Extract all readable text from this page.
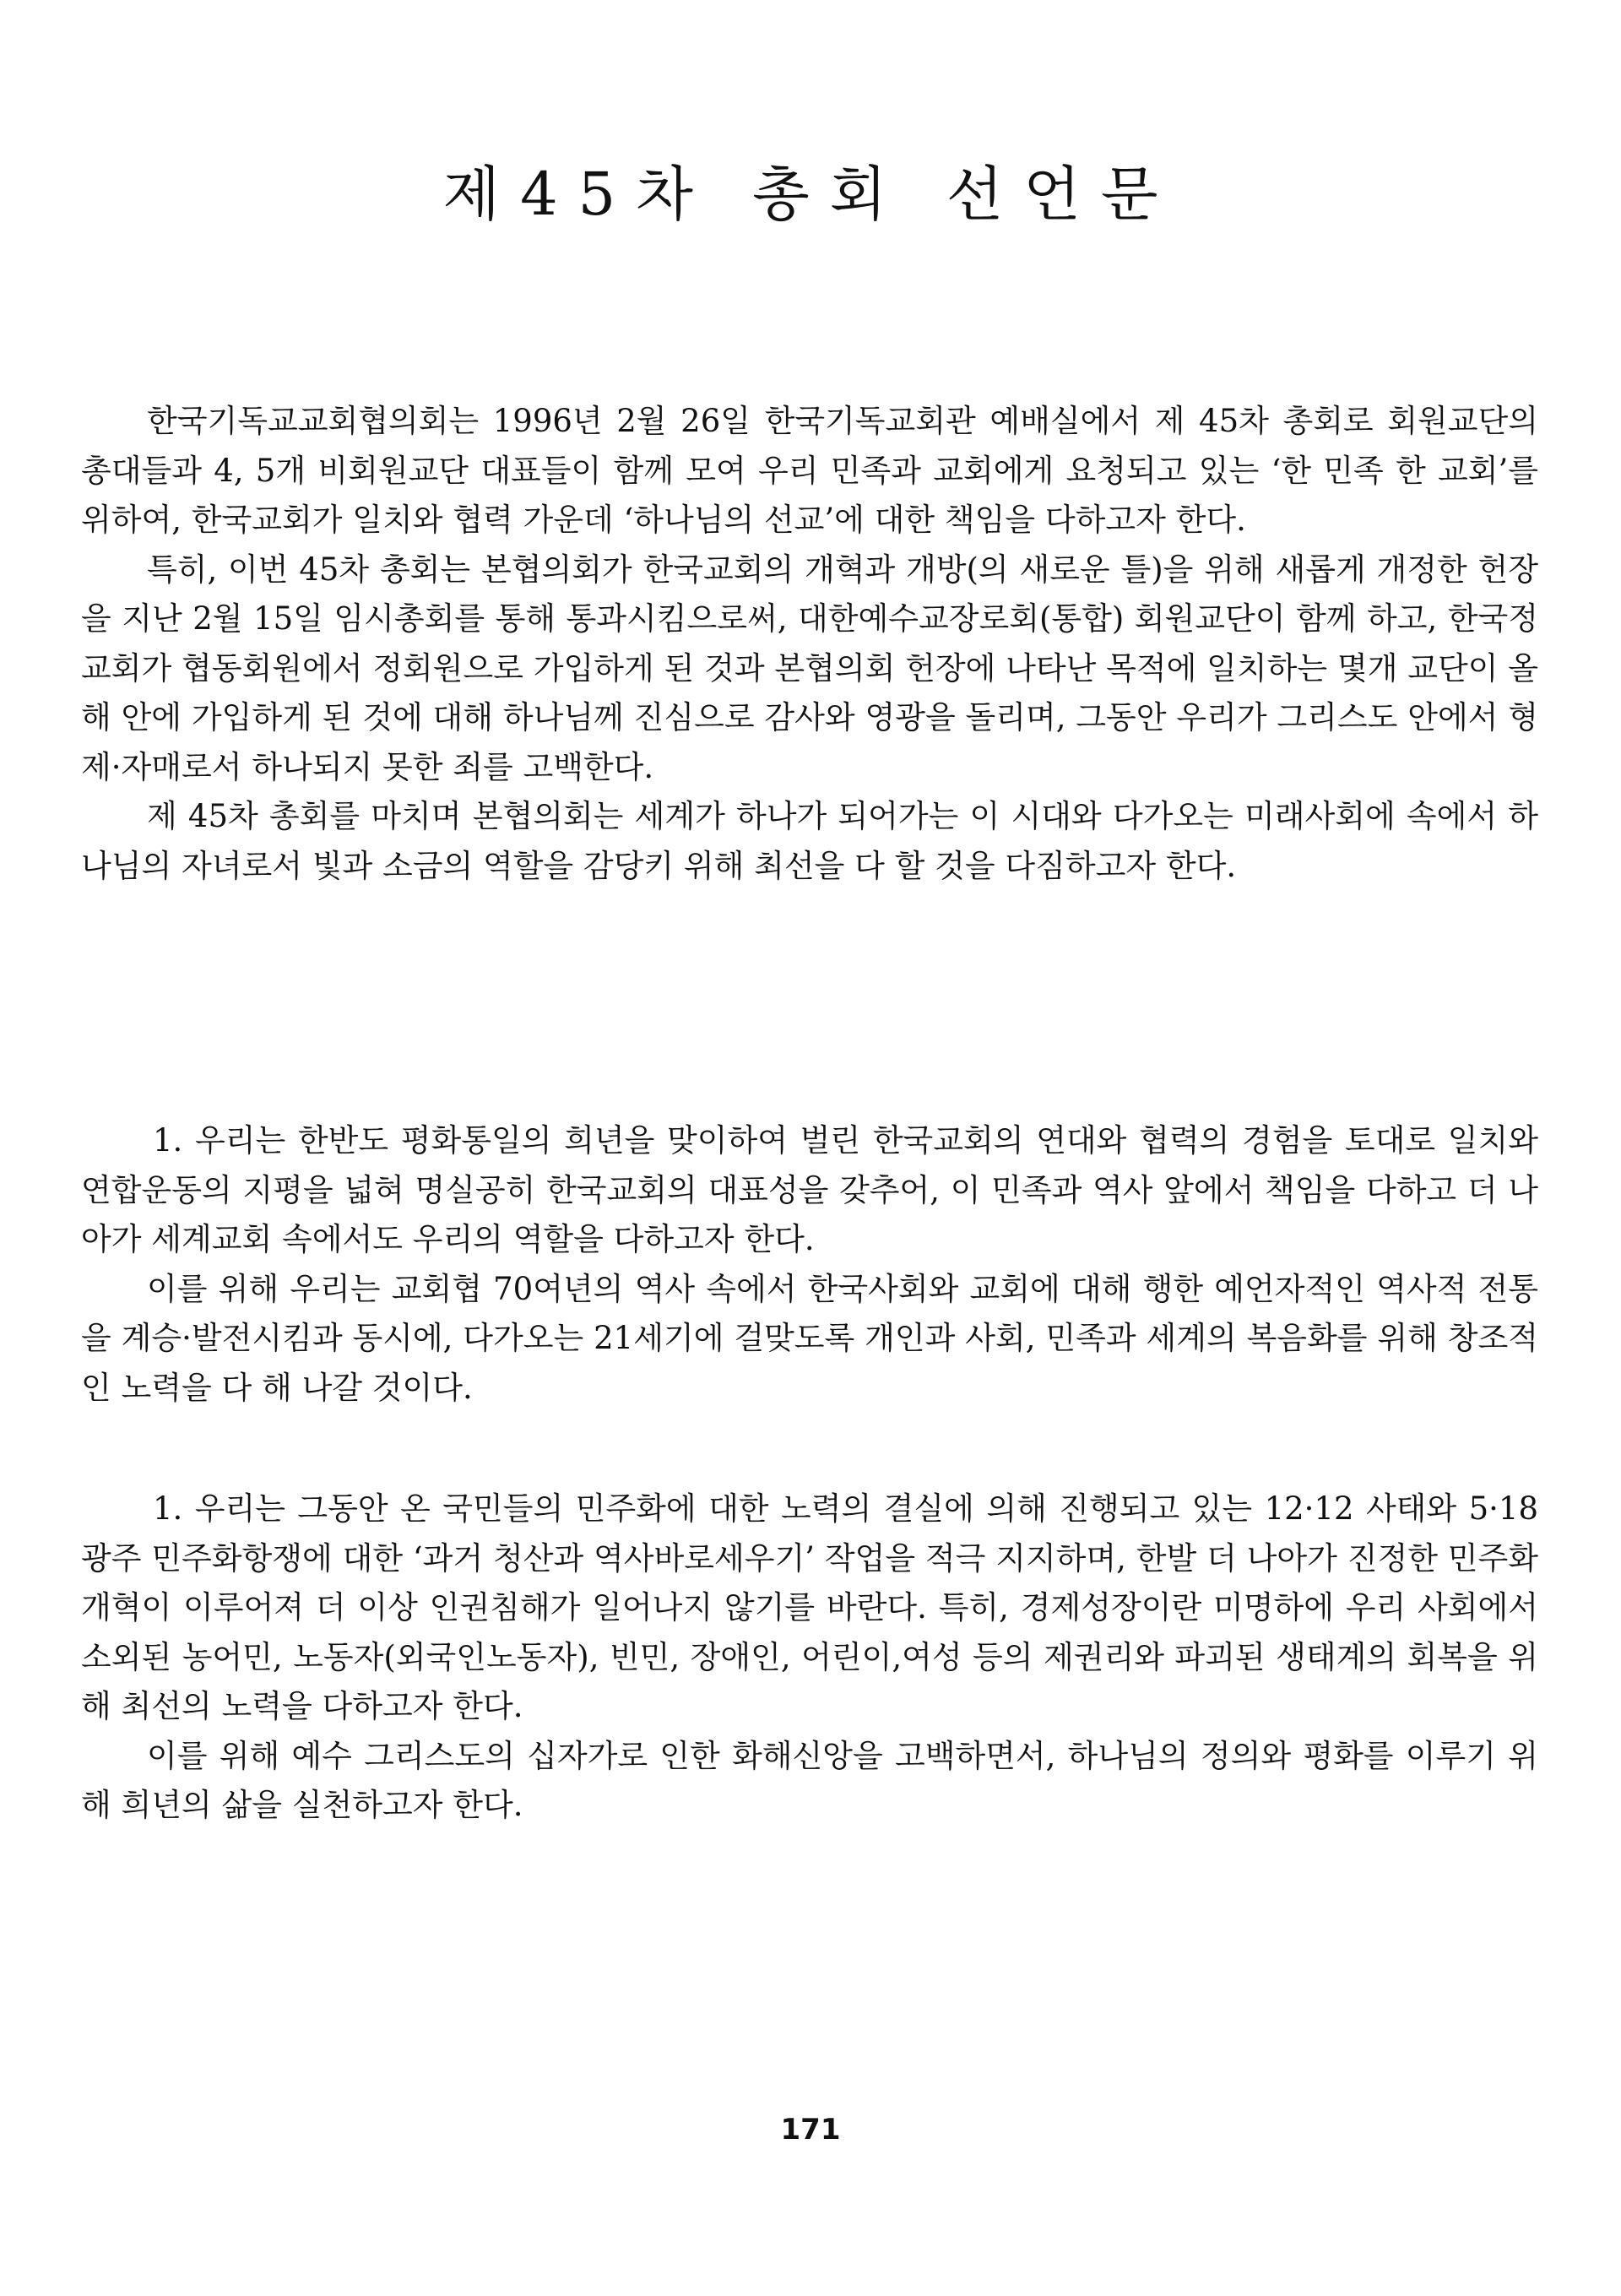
제45차 총회 선언문

한국기독교교회협의회는 1996년 2월 26일 한국기독교회관 예배실에서 제 45차 총회로 회원교단의 총대들과 4, 5개 비회원교단 대표들이 함께 모여 우리 민족과 교회에게 요청되고 있는 ‘한 민족 한 교회’를 위하여, 한국교회가 일치와 협력 가운데 ‘하나님의 선교’에 대한 책임을 다하고자 한다.

특히, 이번 45차 총회는 본협의회가 한국교회의 개혁과 개방(의 새로운 틀)을 위해 새롭게 개정한 헌장을 지난 2월 15일 임시총회를 통해 통과시킴으로써, 대한예수교장로회(통합) 회원교단이 함께 하고, 한국정교회가 협동회원에서 정회원으로 가입하게 된 것과 본협의회 헌장에 나타난 목적에 일치하는 몇개 교단이 올해 안에 가입하게 된 것에 대해 하나님께 진심으로 감사와 영광을 돌리며, 그동안 우리가 그리스도 안에서 형제·자매로서 하나되지 못한 죄를 고백한다.

제 45차 총회를 마치며 본협의회는 세계가 하나가 되어가는 이 시대와 다가오는 미래사회에 속에서 하나님의 자녀로서 빛과 소금의 역할을 감당키 위해 최선을 다 할 것을 다짐하고자 한다.

1. 우리는 한반도 평화통일의 희년을 맞이하여 벌린 한국교회의 연대와 협력의 경험을 토대로 일치와 연합운동의 지평을 넓혀 명실공히 한국교회의 대표성을 갖추어, 이 민족과 역사 앞에서 책임을 다하고 더 나아가 세계교회 속에서도 우리의 역할을 다하고자 한다.

이를 위해 우리는 교회협 70여년의 역사 속에서 한국사회와 교회에 대해 행한 예언자적인 역사적 전통을 계승·발전시킴과 동시에, 다가오는 21세기에 걸맞도록 개인과 사회, 민족과 세계의 복음화를 위해 창조적인 노력을 다 해 나갈 것이다.

1. 우리는 그동안 온 국민들의 민주화에 대한 노력의 결실에 의해 진행되고 있는 12·12 사태와 5·18 광주 민주화항쟁에 대한 ‘과거 청산과 역사바로세우기’ 작업을 적극 지지하며, 한발 더 나아가 진정한 민주화개혁이 이루어져 더 이상 인권침해가 일어나지 않기를 바란다. 특히, 경제성장이란 미명하에 우리 사회에서 소외된 농어민, 노동자(외국인노동자), 빈민, 장애인, 어린이,여성 등의 제권리와 파괴된 생태계의 회복을 위해 최선의 노력을 다하고자 한다.

이를 위해 예수 그리스도의 십자가로 인한 화해신앙을 고백하면서, 하나님의 정의와 평화를 이루기 위해 희년의 삶을 실천하고자 한다.

171
